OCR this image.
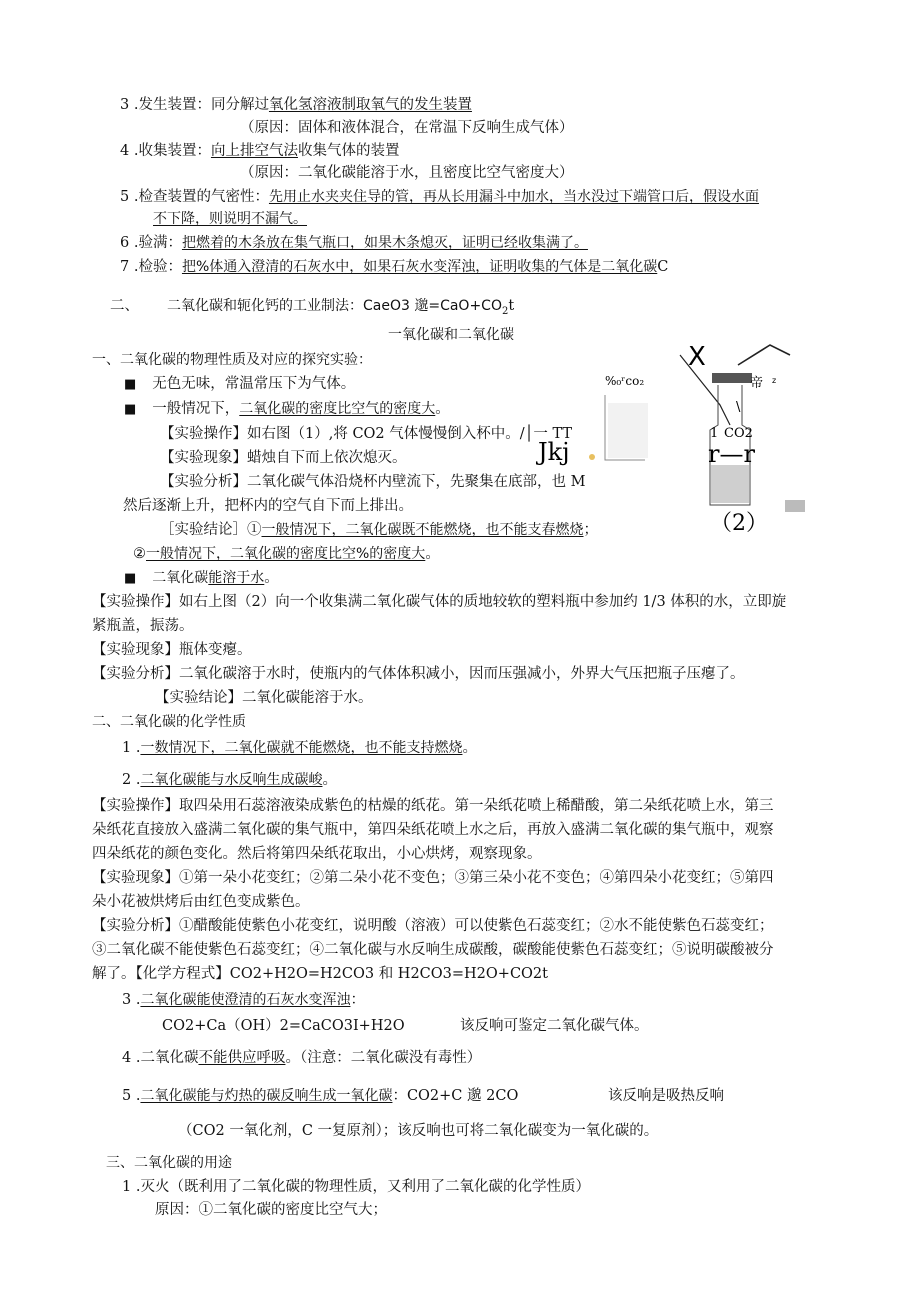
3 .发生装置：同分解过氧化氢溶液制取氧气的发生装置
（原因：固体和液体混合，在常温下反响生成气体）
4 .收集装置：向上排空气法收集气体的装置
（原因：二氧化碳能溶于水，且密度比空气密度大）
5 .检查装置的气密性：先用止水夹夹住导的管，再从长用漏斗中加水，当水没过下端管口后，假设水面
不下降，则说明不漏气。
6 .验满：把燃着的木条放在集气瓶口，如果木条熄灭，证明已经收集满了。
7 .检验：把%体通入澄清的石灰水中，如果石灰水变浑浊，证明收集的气体是二氧化碳C
二、 二氧化碳和轭化钙的工业制法：CaeO3 邈$=CaO+CO_2t$
一氧化碳和二氧化碳
一、二氧化碳的物理性质及对应的探究实验：
■ 无色无味，常温常压下为气体。
■ 一般情况下，二氧化碳的密度比空气的密度大。
【实验操作】如右图（1）,将 CO2 气体慢慢倒入杯中。/│一 TT
【实验现象】蜡烛自下而上依次熄灭。
【实验分析】二氧化碳气体沿烧杯内壁流下，先聚集在底部，也 M
然后逐渐上升，把杯内的空气自下而上排出。
［实验结论］①一般情况下，二氧化碳既不能燃烧，也不能支春燃烧；
②一般情况下，二氧化碳的密度比空%的密度大。
■ 二氧化碳能溶于水。
【实验操作】如右上图（2）向一个收集满二氧化碳气体的质地较软的塑料瓶中参加约 1/3 体积的水，立即旋
紧瓶盖，振荡。
【实验现象】瓶体变瘪。
【实验分析】二氧化碳溶于水时，使瓶内的气体体积减小，因而压强减小，外界大气压把瓶子压瘪了。
【实验结论】二氧化碳能溶于水。
二、二氧化碳的化学性质
1 .一数情况下，二氧化碳就不能燃烧，也不能支持燃烧。
2 .二氧化碳能与水反响生成碳峻。
【实验操作】取四朵用石蕊溶液染成紫色的枯燥的纸花。第一朵纸花喷上稀醋酸，第二朵纸花喷上水，第三
朵纸花直接放入盛满二氧化碳的集气瓶中，第四朵纸花喷上水之后，再放入盛满二氧化碳的集气瓶中，观察
四朵纸花的颜色变化。然后将第四朵纸花取出，小心烘烤，观察现象。
【实验现象】①第一朵小花变红；②第二朵小花不变色；③第三朵小花不变色；④第四朵小花变红；⑤第四
朵小花被烘烤后由红色变成紫色。
【实验分析】①醋酸能使紫色小花变红，说明酸（溶液）可以使紫色石蕊变红；②水不能使紫色石蕊变红；
③二氧化碳不能使紫色石蕊变红；④二氧化碳与水反响生成碳酸，碳酸能使紫色石蕊变红；⑤说明碳酸被分
解了。【化学方程式】CO2+H2O=H2CO3 和 H2CO3=H2O+CO2t
3 .二氧化碳能使澄清的石灰水变浑浊：
CO2+Ca（OH）2=CaCO3I+H2O	该反响可鉴定二氧化碳气体。
4 .二氧化碳不能供应呼吸。（注意：二氧化碳没有毒性）
5 .二氧化碳能与灼热的碳反响生成一氧化碳：CO2+C 邈 2CO	该反响是吸热反响
（CO2 一氧化剂，C 一复原剂）；该反响也可将二氧化碳变为一氧化碳的。
三、二氧化碳的用途
1 .灭火（既利用了二氧化碳的物理性质，又利用了二氧化碳的化学性质）
原因：①二氧化碳的密度比空气大；
X
%₀ʳco₂	帝 z
\
1 CO2
Jkj	r—r
（2）
